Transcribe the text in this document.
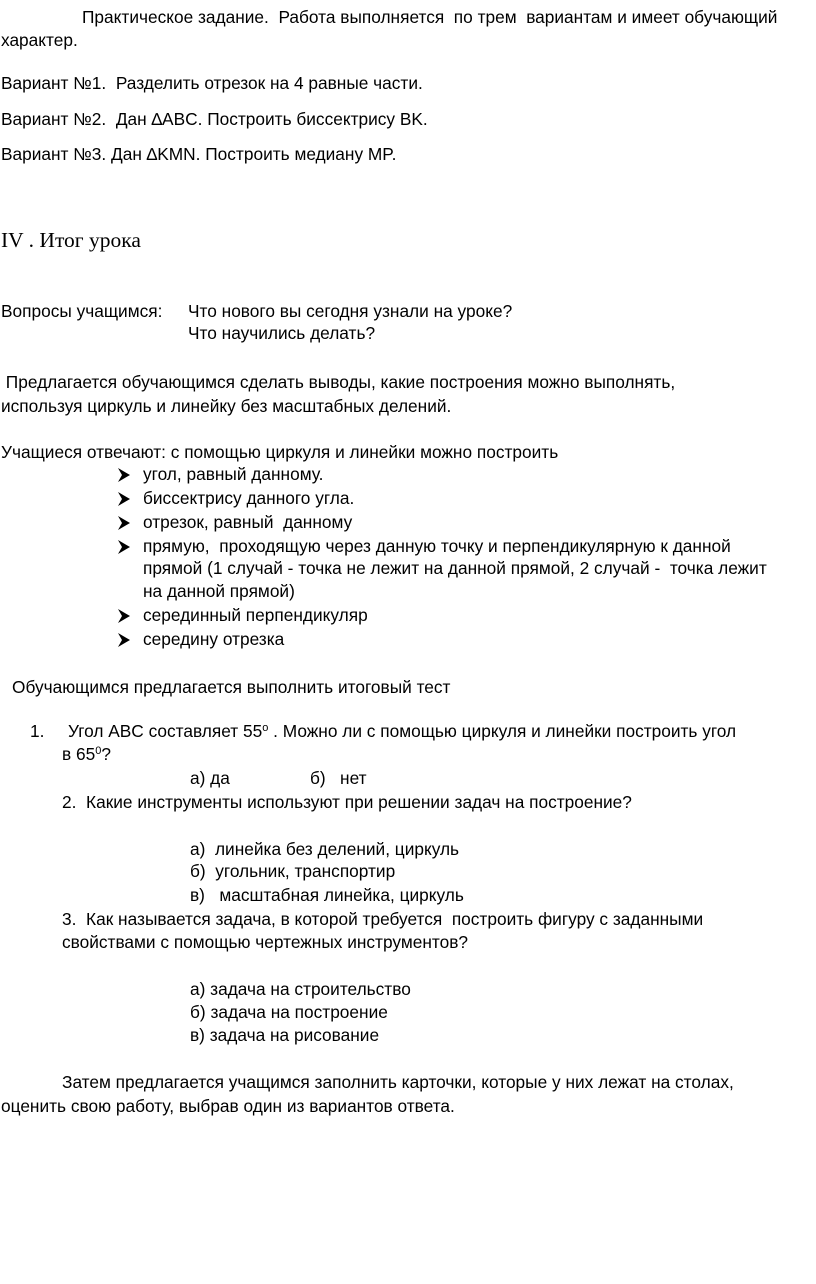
Практическое задание.  Работа выполняется  по трем  вариантам и имеет обучающий
характер.
Вариант №1.  Разделить отрезок на 4 равные части.
Вариант №2.  Дан ∆ABC. Построить биссектрису BK.
Вариант №3. Дан ∆KMN. Построить медиану MP.
IV . Итог урока
Вопросы учащимся: Что нового вы сегодня узнали на уроке?
Что научились делать?
Предлагается обучающимся сделать выводы, какие построения можно выполнять,
используя циркуль и линейку без масштабных делений.
Учащиеся отвечают: с помощью циркуля и линейки можно построить
угол, равный данному.
биссектрису данного угла.
отрезок, равный  данному
прямую,  проходящую через данную точку и перпендикулярную к данной
прямой (1 случай - точка не лежит на данной прямой, 2 случай -  точка лежит
на данной прямой)
серединный перпендикуляр
середину отрезка
Обучающимся предлагается выполнить итоговый тест
1. Угол ABC составляет 55$^o$ . Можно ли с помощью циркуля и линейки построить угол
в $65^0$?
а) да	б)   нет
2.  Какие инструменты используют при решении задач на построение?
а)  линейка без делений, циркуль
б)  угольник, транспортир
в)   масштабная линейка, циркуль
3.  Как называется задача, в которой требуется  построить фигуру с заданными
свойствами с помощью чертежных инструментов?
а) задача на строительство
б) задача на построение
в) задача на рисование
Затем предлагается учащимся заполнить карточки, которые у них лежат на столах,
оценить свою работу, выбрав один из вариантов ответа.
